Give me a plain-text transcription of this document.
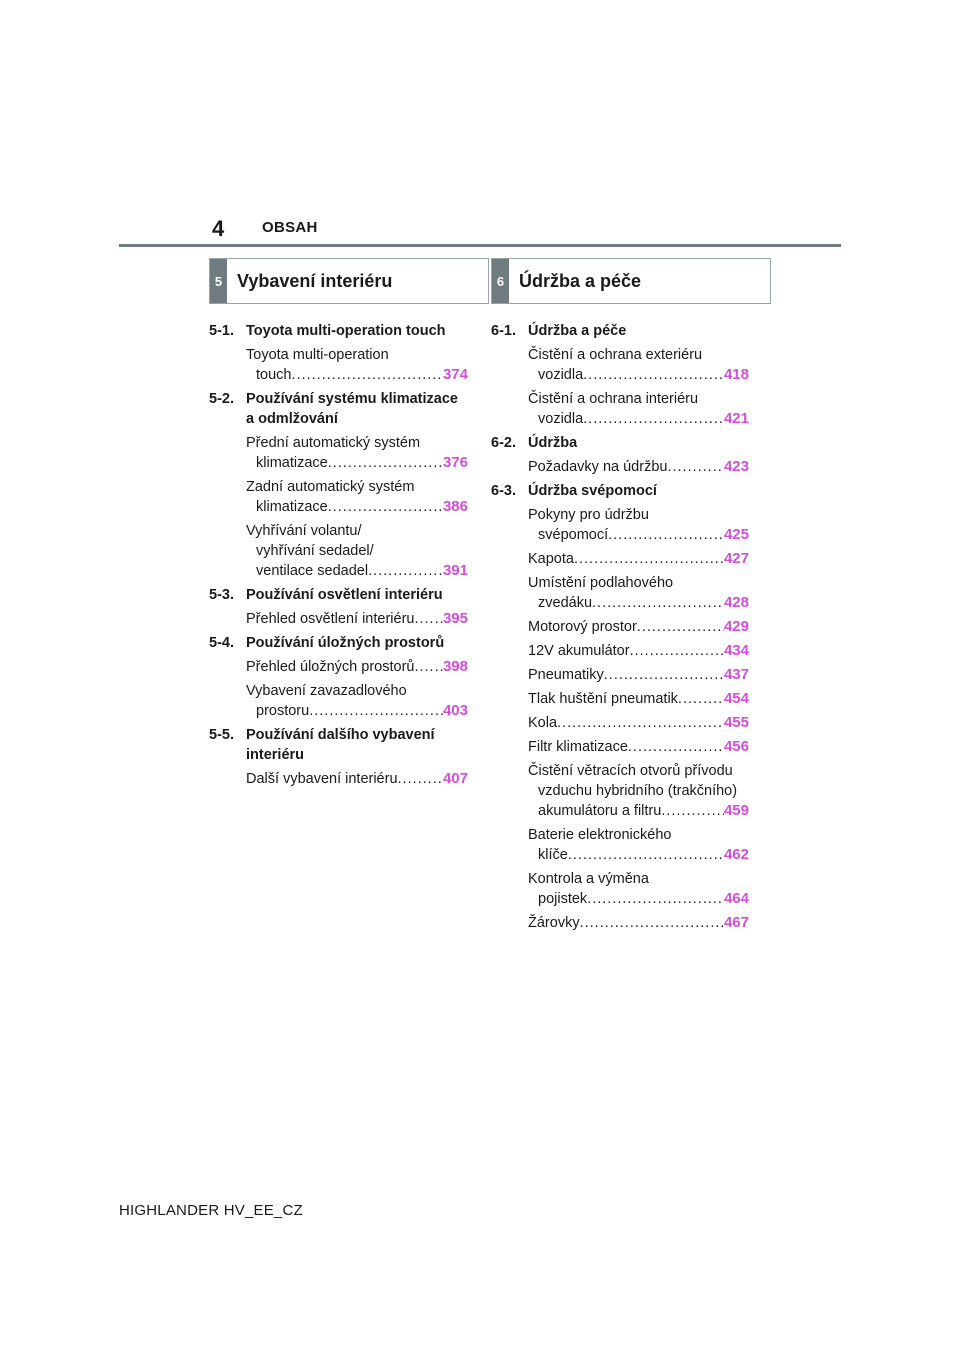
4	OBSAH
5 Vybavení interiéru	6 Údržba a péče
5-1. Toyota multi-operation touch
Toyota multi-operation
touch .....	374
5-2. Používání systému klimatizace a odmlžování
Přední automatický systém
klimatizace .....	376
Zadní automatický systém
klimatizace .....	386
Vyhřívání volantu/
vyhřívání sedadel/
ventilace sedadel .....	391
5-3. Používání osvětlení interiéru
Přehled osvětlení interiéru ..... 395
5-4. Používání úložných prostorů
Přehled úložných prostorů ..... 398
Vybavení zavazadlového
prostoru .....	403
5-5. Používání dalšího vybavení interiéru
Další vybavení interiéru .....	407
6-1. Údržba a péče
Čistění a ochrana exteriéru
vozidla .....	418
Čistění a ochrana interiéru
vozidla .....	421
6-2. Údržba
Požadavky na údržbu .....	423
6-3. Údržba svépomocí
Pokyny pro údržbu
svépomocí .....	425
Kapota .....	427
Umístění podlahového
zvedáku .....	428
Motorový prostor .....	429
12V akumulátor .....	434
Pneumatiky .....	437
Tlak huštění pneumatik .....	454
Kola .....	455
Filtr klimatizace .....	456
Čistění větracích otvorů přívodu
vzduchu hybridního (trakčního)
akumulátoru a filtru .....	459
Baterie elektronického
klíče .....	462
Kontrola a výměna
pojistek .....	464
Žárovky .....	467
HIGHLANDER HV_EE_CZ
